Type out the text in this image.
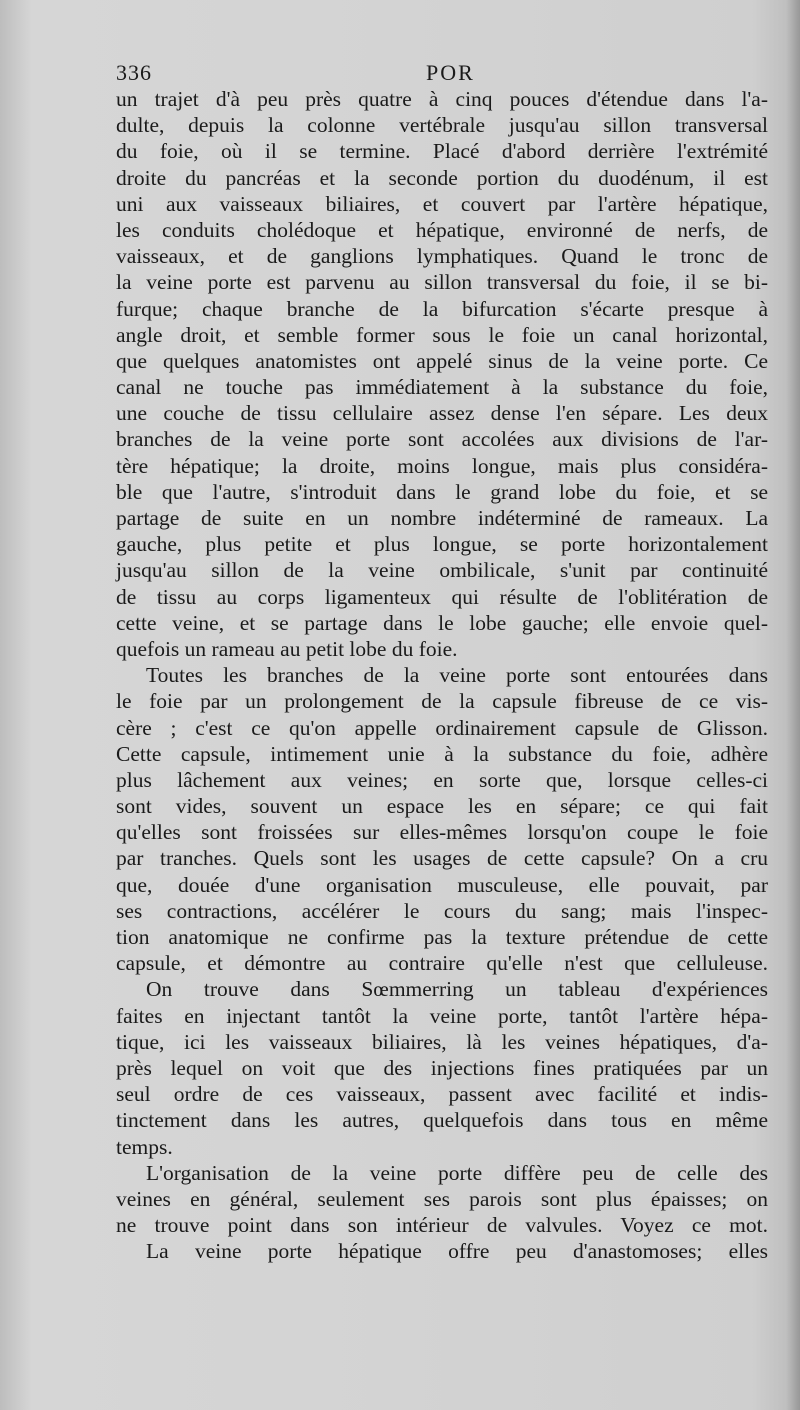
336	POR
un trajet d'à peu près quatre à cinq pouces d'étendue dans l'a-
dulte, depuis la colonne vertébrale jusqu'au sillon transversal
du foie, où il se termine. Placé d'abord derrière l'extrémité
droite du pancréas et la seconde portion du duodénum, il est
uni aux vaisseaux biliaires, et couvert par l'artère hépatique,
les conduits cholédoque et hépatique, environné de nerfs, de
vaisseaux, et de ganglions lymphatiques. Quand le tronc de
la veine porte est parvenu au sillon transversal du foie, il se bi-
furque; chaque branche de la bifurcation s'écarte presque à
angle droit, et semble former sous le foie un canal horizontal,
que quelques anatomistes ont appelé sinus de la veine porte. Ce
canal ne touche pas immédiatement à la substance du foie,
une couche de tissu cellulaire assez dense l'en sépare. Les deux
branches de la veine porte sont accolées aux divisions de l'ar-
tère hépatique; la droite, moins longue, mais plus considéra-
ble que l'autre, s'introduit dans le grand lobe du foie, et se
partage de suite en un nombre indéterminé de rameaux. La
gauche, plus petite et plus longue, se porte horizontalement
jusqu'au sillon de la veine ombilicale, s'unit par continuité
de tissu au corps ligamenteux qui résulte de l'oblitération de
cette veine, et se partage dans le lobe gauche; elle envoie quel-
quefois un rameau au petit lobe du foie.
Toutes les branches de la veine porte sont entourées dans
le foie par un prolongement de la capsule fibreuse de ce vis-
cère ; c'est ce qu'on appelle ordinairement capsule de Glisson.
Cette capsule, intimement unie à la substance du foie, adhère
plus lâchement aux veines; en sorte que, lorsque celles-ci
sont vides, souvent un espace les en sépare; ce qui fait
qu'elles sont froissées sur elles-mêmes lorsqu'on coupe le foie
par tranches. Quels sont les usages de cette capsule? On a cru
que, douée d'une organisation musculeuse, elle pouvait, par
ses contractions, accélérer le cours du sang; mais l'inspec-
tion anatomique ne confirme pas la texture prétendue de cette
capsule, et démontre au contraire qu'elle n'est que celluleuse.
On trouve dans Sœmmerring un tableau d'expériences
faites en injectant tantôt la veine porte, tantôt l'artère hépa-
tique, ici les vaisseaux biliaires, là les veines hépatiques, d'a-
près lequel on voit que des injections fines pratiquées par un
seul ordre de ces vaisseaux, passent avec facilité et indis-
tinctement dans les autres, quelquefois dans tous en même
temps.
L'organisation de la veine porte diffère peu de celle des
veines en général, seulement ses parois sont plus épaisses; on
ne trouve point dans son intérieur de valvules. Voyez ce mot.
La veine porte hépatique offre peu d'anastomoses; elles
